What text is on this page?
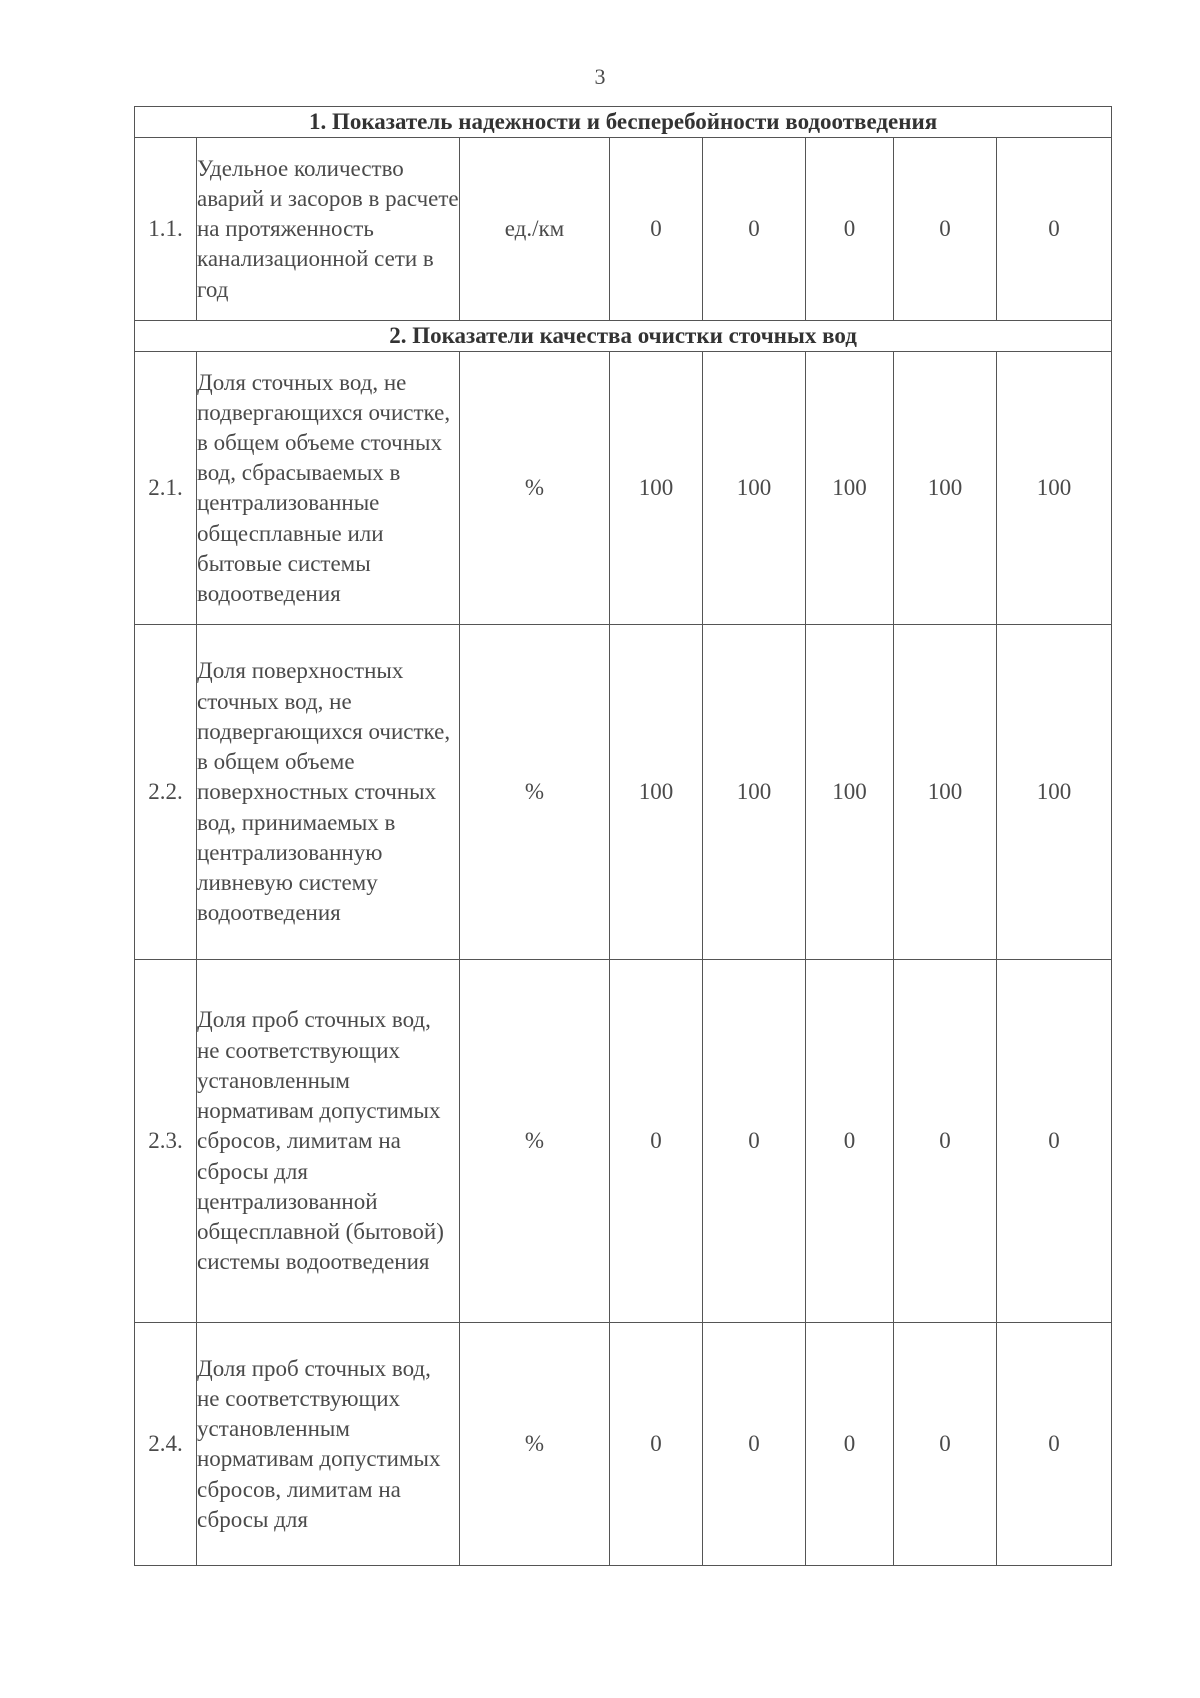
3
1. Показатель надежности и бесперебойности водоотведения							
1.1.	Удельное количество аварий и засоров в расчете на протяженность канализационной сети в год	ед./км	0	0	0	0	0
2. Показатели качества очистки сточных вод							
2.1.	Доля сточных вод, не подвергающихся очистке, в общем объеме сточных вод, сбрасываемых в централизованные общесплавные или бытовые системы водоотведения	%	100	100	100	100	100
2.2.	Доля поверхностных сточных вод, не подвергающихся очистке, в общем объеме поверхностных сточных вод, принимаемых в централизованную ливневую систему водоотведения	%	100	100	100	100	100
2.3.	Доля проб сточных вод, не соответствующих установленным нормативам допустимых сбросов, лимитам на сбросы для централизованной общесплавной (бытовой) системы водоотведения	%	0	0	0	0	0
2.4.	Доля проб сточных вод, не соответствующих установленным нормативам допустимых сбросов, лимитам на сбросы для	%	0	0	0	0	0
